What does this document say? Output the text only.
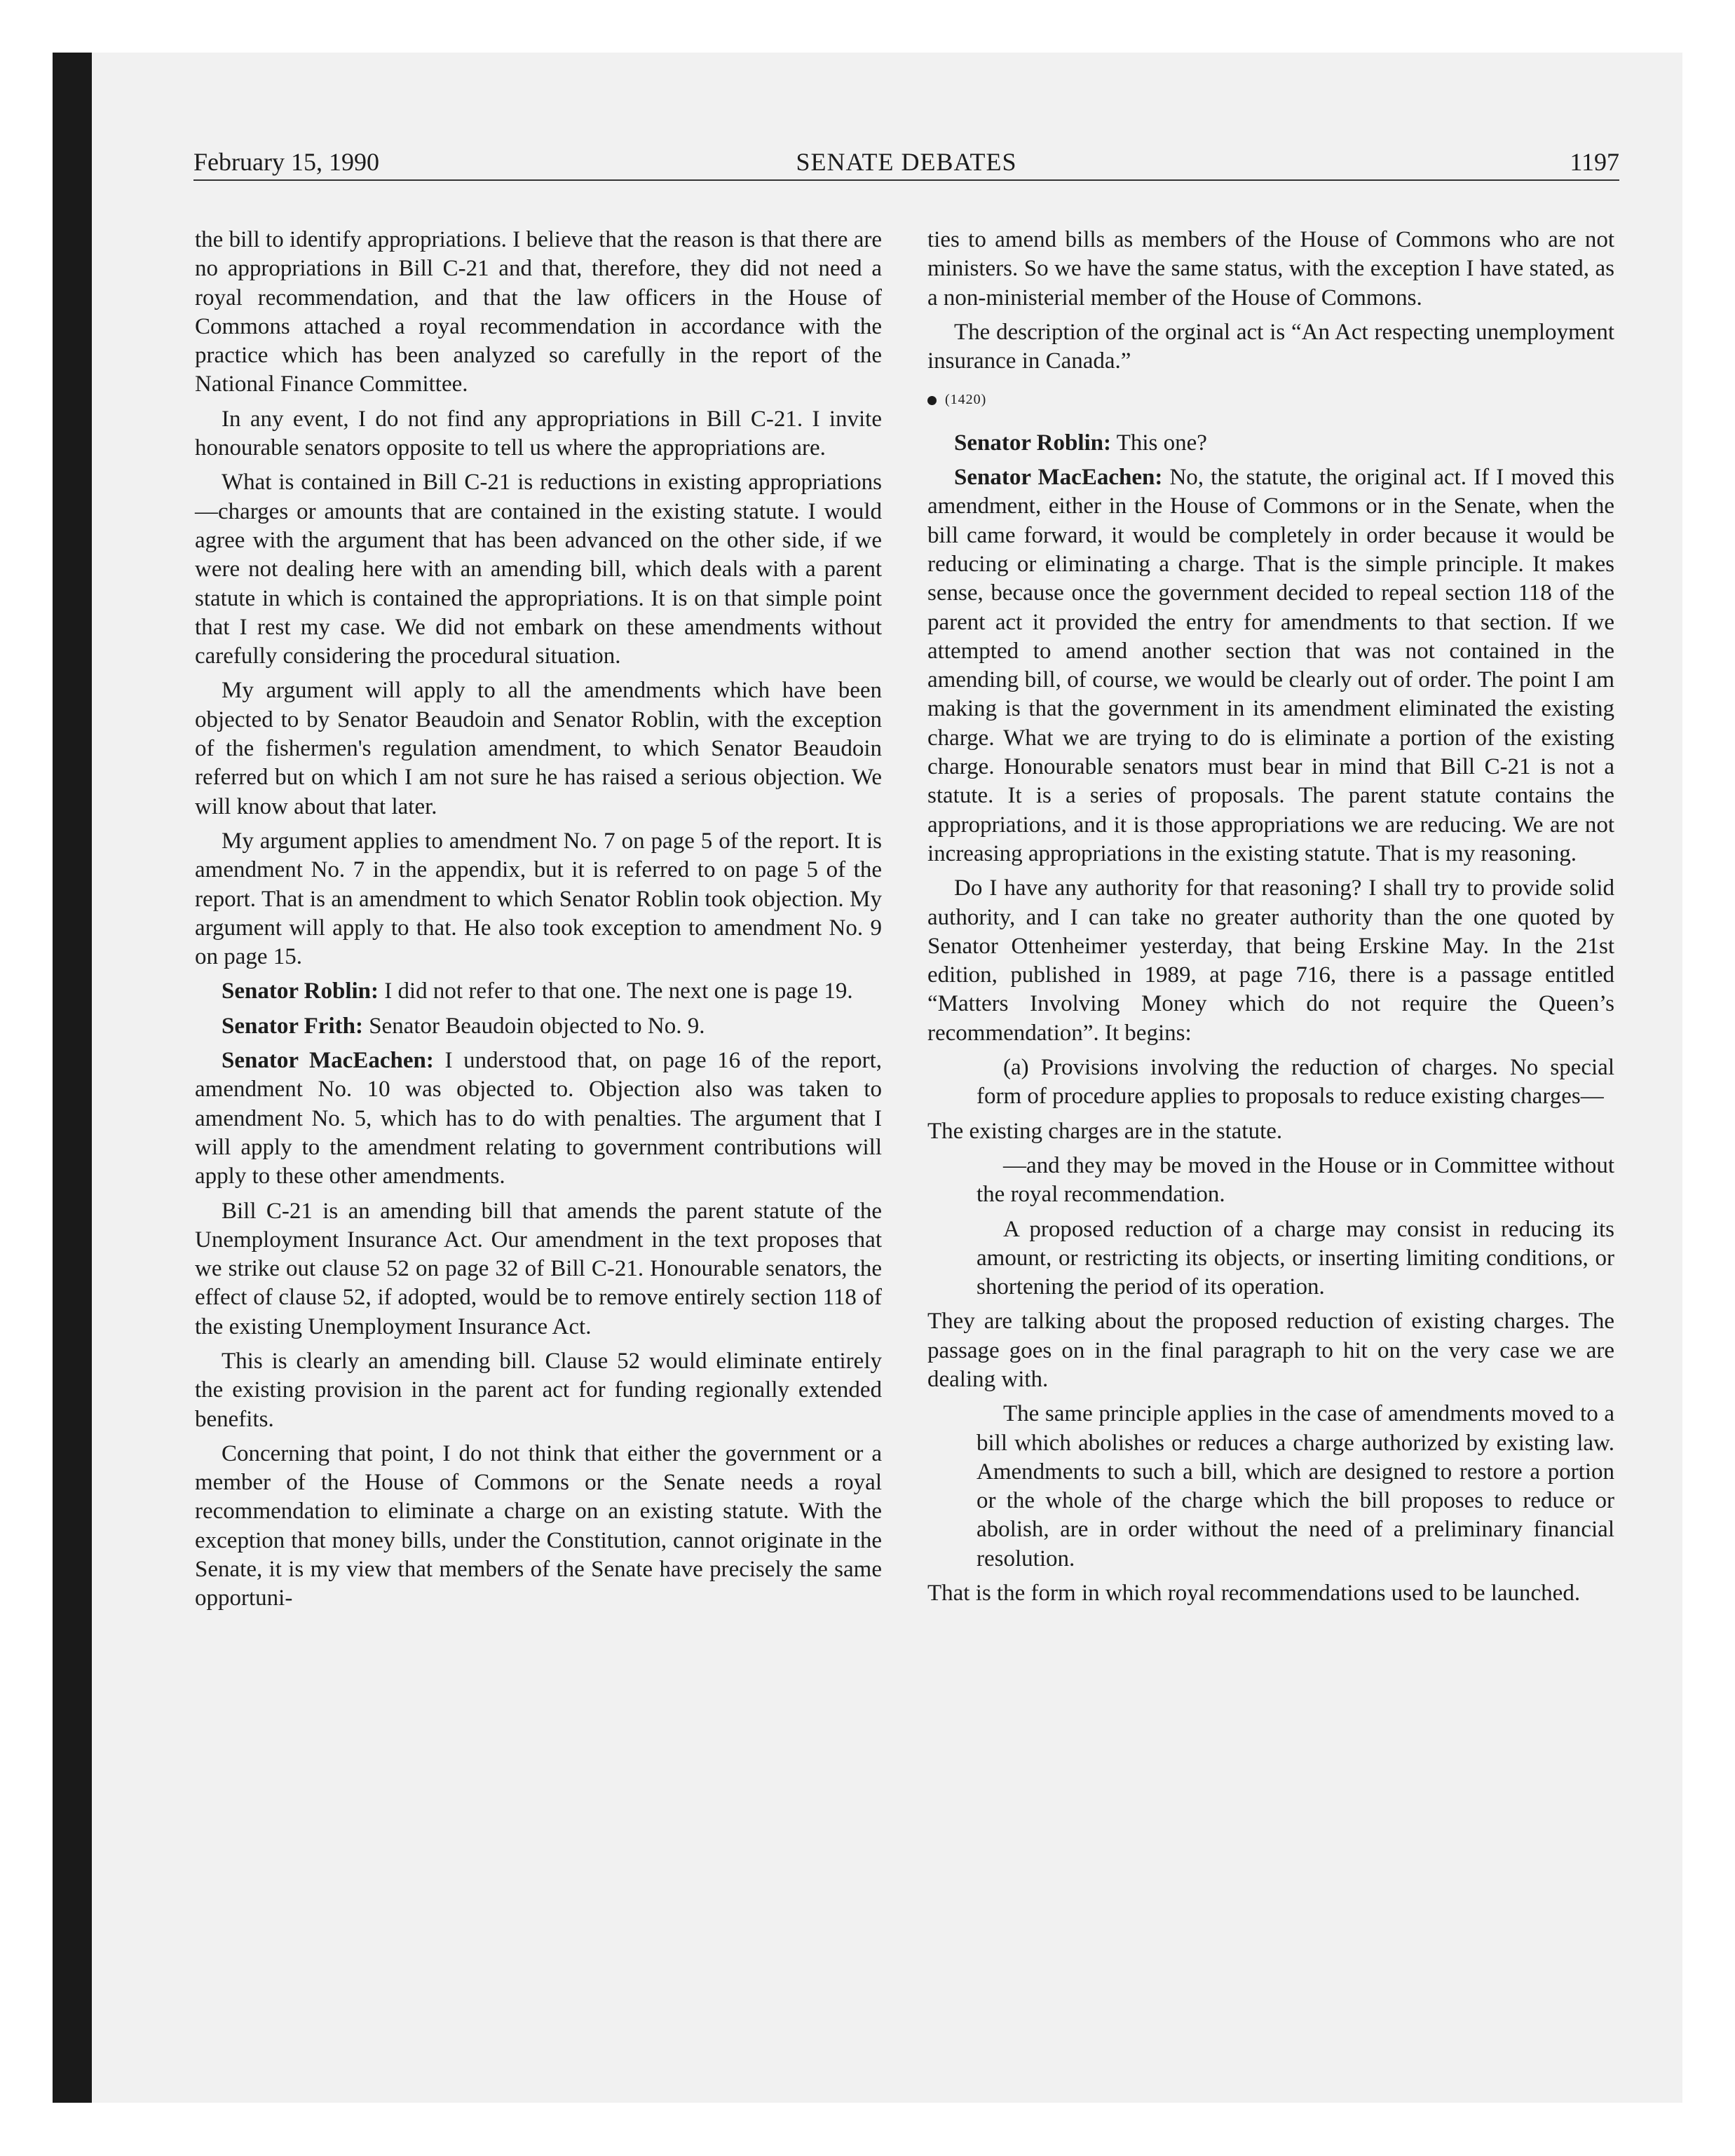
February 15, 1990	SENATE DEBATES	1197

the bill to identify appropriations. I believe that the reason is that there are no appropriations in Bill C-21 and that, therefore, they did not need a royal recommendation, and that the law officers in the House of Commons attached a royal recommendation in accordance with the practice which has been analyzed so carefully in the report of the National Finance Committee.

In any event, I do not find any appropriations in Bill C-21. I invite honourable senators opposite to tell us where the appropriations are.

What is contained in Bill C-21 is reductions in existing appropriations—charges or amounts that are contained in the existing statute. I would agree with the argument that has been advanced on the other side, if we were not dealing here with an amending bill, which deals with a parent statute in which is contained the appropriations. It is on that simple point that I rest my case. We did not embark on these amendments without carefully considering the procedural situation.

My argument will apply to all the amendments which have been objected to by Senator Beaudoin and Senator Roblin, with the exception of the fishermen's regulation amendment, to which Senator Beaudoin referred but on which I am not sure he has raised a serious objection. We will know about that later.

My argument applies to amendment No. 7 on page 5 of the report. It is amendment No. 7 in the appendix, but it is referred to on page 5 of the report. That is an amendment to which Senator Roblin took objection. My argument will apply to that. He also took exception to amendment No. 9 on page 15.

Senator Roblin: I did not refer to that one. The next one is page 19.

Senator Frith: Senator Beaudoin objected to No. 9.

Senator MacEachen: I understood that, on page 16 of the report, amendment No. 10 was objected to. Objection also was taken to amendment No. 5, which has to do with penalties. The argument that I will apply to the amendment relating to government contributions will apply to these other amendments.

Bill C-21 is an amending bill that amends the parent statute of the Unemployment Insurance Act. Our amendment in the text proposes that we strike out clause 52 on page 32 of Bill C-21. Honourable senators, the effect of clause 52, if adopted, would be to remove entirely section 118 of the existing Unemployment Insurance Act.

This is clearly an amending bill. Clause 52 would eliminate entirely the existing provision in the parent act for funding regionally extended benefits.

Concerning that point, I do not think that either the government or a member of the House of Commons or the Senate needs a royal recommendation to eliminate a charge on an existing statute. With the exception that money bills, under the Constitution, cannot originate in the Senate, it is my view that members of the Senate have precisely the same opportuni-

ties to amend bills as members of the House of Commons who are not ministers. So we have the same status, with the exception I have stated, as a non-ministerial member of the House of Commons.

The description of the orginal act is “An Act respecting unemployment insurance in Canada.”

(1420)

Senator Roblin: This one?

Senator MacEachen: No, the statute, the original act. If I moved this amendment, either in the House of Commons or in the Senate, when the bill came forward, it would be completely in order because it would be reducing or eliminating a charge. That is the simple principle. It makes sense, because once the government decided to repeal section 118 of the parent act it provided the entry for amendments to that section. If we attempted to amend another section that was not contained in the amending bill, of course, we would be clearly out of order. The point I am making is that the government in its amendment eliminated the existing charge. What we are trying to do is eliminate a portion of the existing charge. Honourable senators must bear in mind that Bill C-21 is not a statute. It is a series of proposals. The parent statute contains the appropriations, and it is those appropriations we are reducing. We are not increasing appropriations in the existing statute. That is my reasoning.

Do I have any authority for that reasoning? I shall try to provide solid authority, and I can take no greater authority than the one quoted by Senator Ottenheimer yesterday, that being Erskine May. In the 21st edition, published in 1989, at page 716, there is a passage entitled “Matters Involving Money which do not require the Queen’s recommendation”. It begins:

(a) Provisions involving the reduction of charges. No special form of procedure applies to proposals to reduce existing charges—

The existing charges are in the statute.

—and they may be moved in the House or in Committee without the royal recommendation.

A proposed reduction of a charge may consist in reducing its amount, or restricting its objects, or inserting limiting conditions, or shortening the period of its operation.

They are talking about the proposed reduction of existing charges. The passage goes on in the final paragraph to hit on the very case we are dealing with.

The same principle applies in the case of amendments moved to a bill which abolishes or reduces a charge authorized by existing law. Amendments to such a bill, which are designed to restore a portion or the whole of the charge which the bill proposes to reduce or abolish, are in order without the need of a preliminary financial resolution.

That is the form in which royal recommendations used to be launched.
